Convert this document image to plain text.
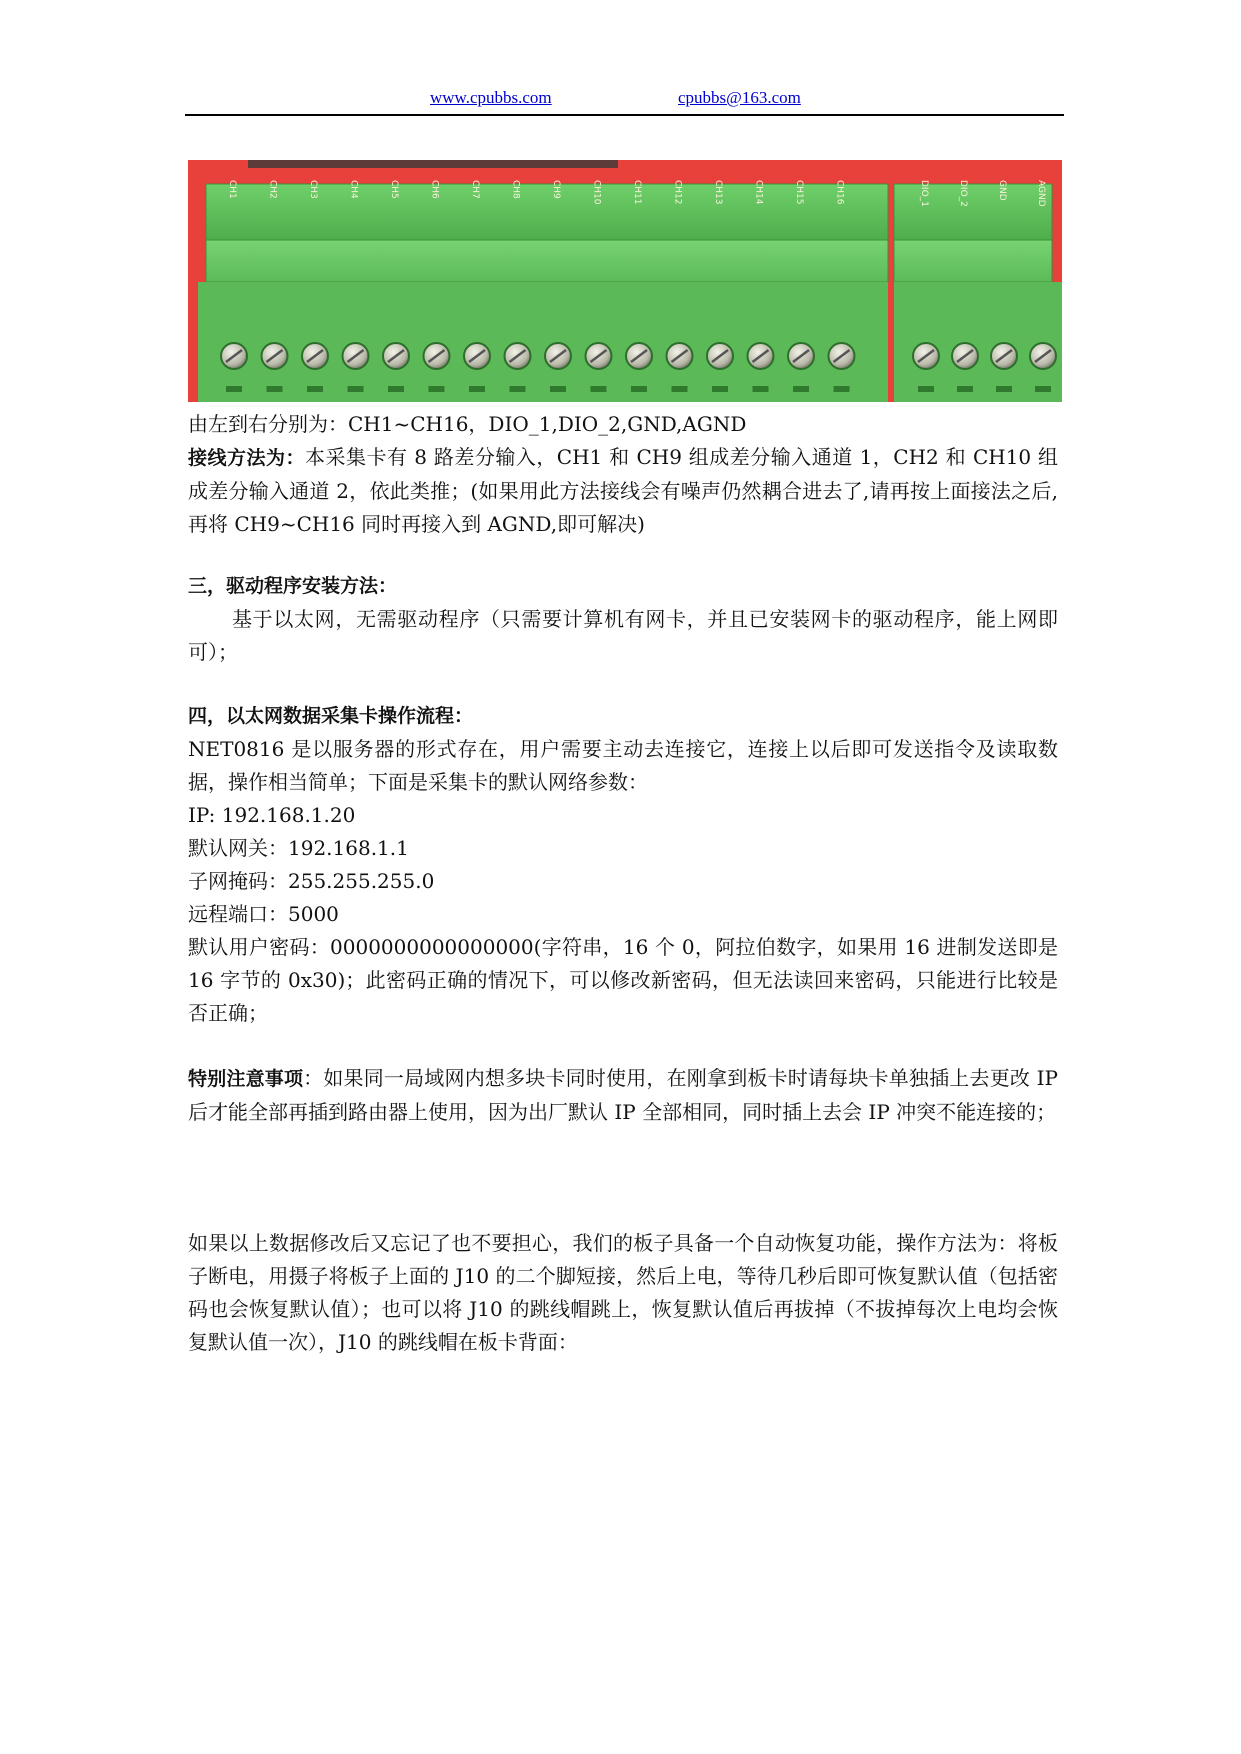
www.cpubbs.com	cpubbs@163.com
CH1	CH2	CH3	CH4	CH5	CH6	CH7	CH8	CH9	CH10	CH11	CH12	CH13	CH14	CH15	CH16	DIO_1	DIO_2	GND	AGND

由左到右分别为：CH1~CH16，DIO_1,DIO_2,GND,AGND

接线方法为：本采集卡有 8 路差分输入，CH1 和 CH9 组成差分输入通道 1，CH2 和 CH10 组成差分输入通道 2，依此类推；(如果用此方法接线会有噪声仍然耦合进去了,请再按上面接法之后,再将 CH9~CH16 同时再接入到 AGND,即可解决)

三，驱动程序安装方法：

基于以太网，无需驱动程序（只需要计算机有网卡，并且已安装网卡的驱动程序，能上网即可）；

四，以太网数据采集卡操作流程：

NET0816 是以服务器的形式存在，用户需要主动去连接它，连接上以后即可发送指令及读取数据，操作相当简单；下面是采集卡的默认网络参数：

IP: 192.168.1.20

默认网关：192.168.1.1

子网掩码：255.255.255.0

远程端口：5000

默认用户密码：0000000000000000(字符串，16 个 0，阿拉伯数字，如果用 16 进制发送即是 16 字节的 0x30)；此密码正确的情况下，可以修改新密码，但无法读回来密码，只能进行比较是否正确；

特别注意事项：如果同一局域网内想多块卡同时使用，在刚拿到板卡时请每块卡单独插上去更改 IP 后才能全部再插到路由器上使用，因为出厂默认 IP 全部相同，同时插上去会 IP 冲突不能连接的；

如果以上数据修改后又忘记了也不要担心，我们的板子具备一个自动恢复功能，操作方法为：将板子断电，用摄子将板子上面的 J10 的二个脚短接，然后上电，等待几秒后即可恢复默认值（包括密码也会恢复默认值）；也可以将 J10 的跳线帽跳上，恢复默认值后再拔掉（不拔掉每次上电均会恢复默认值一次），J10 的跳线帽在板卡背面：
